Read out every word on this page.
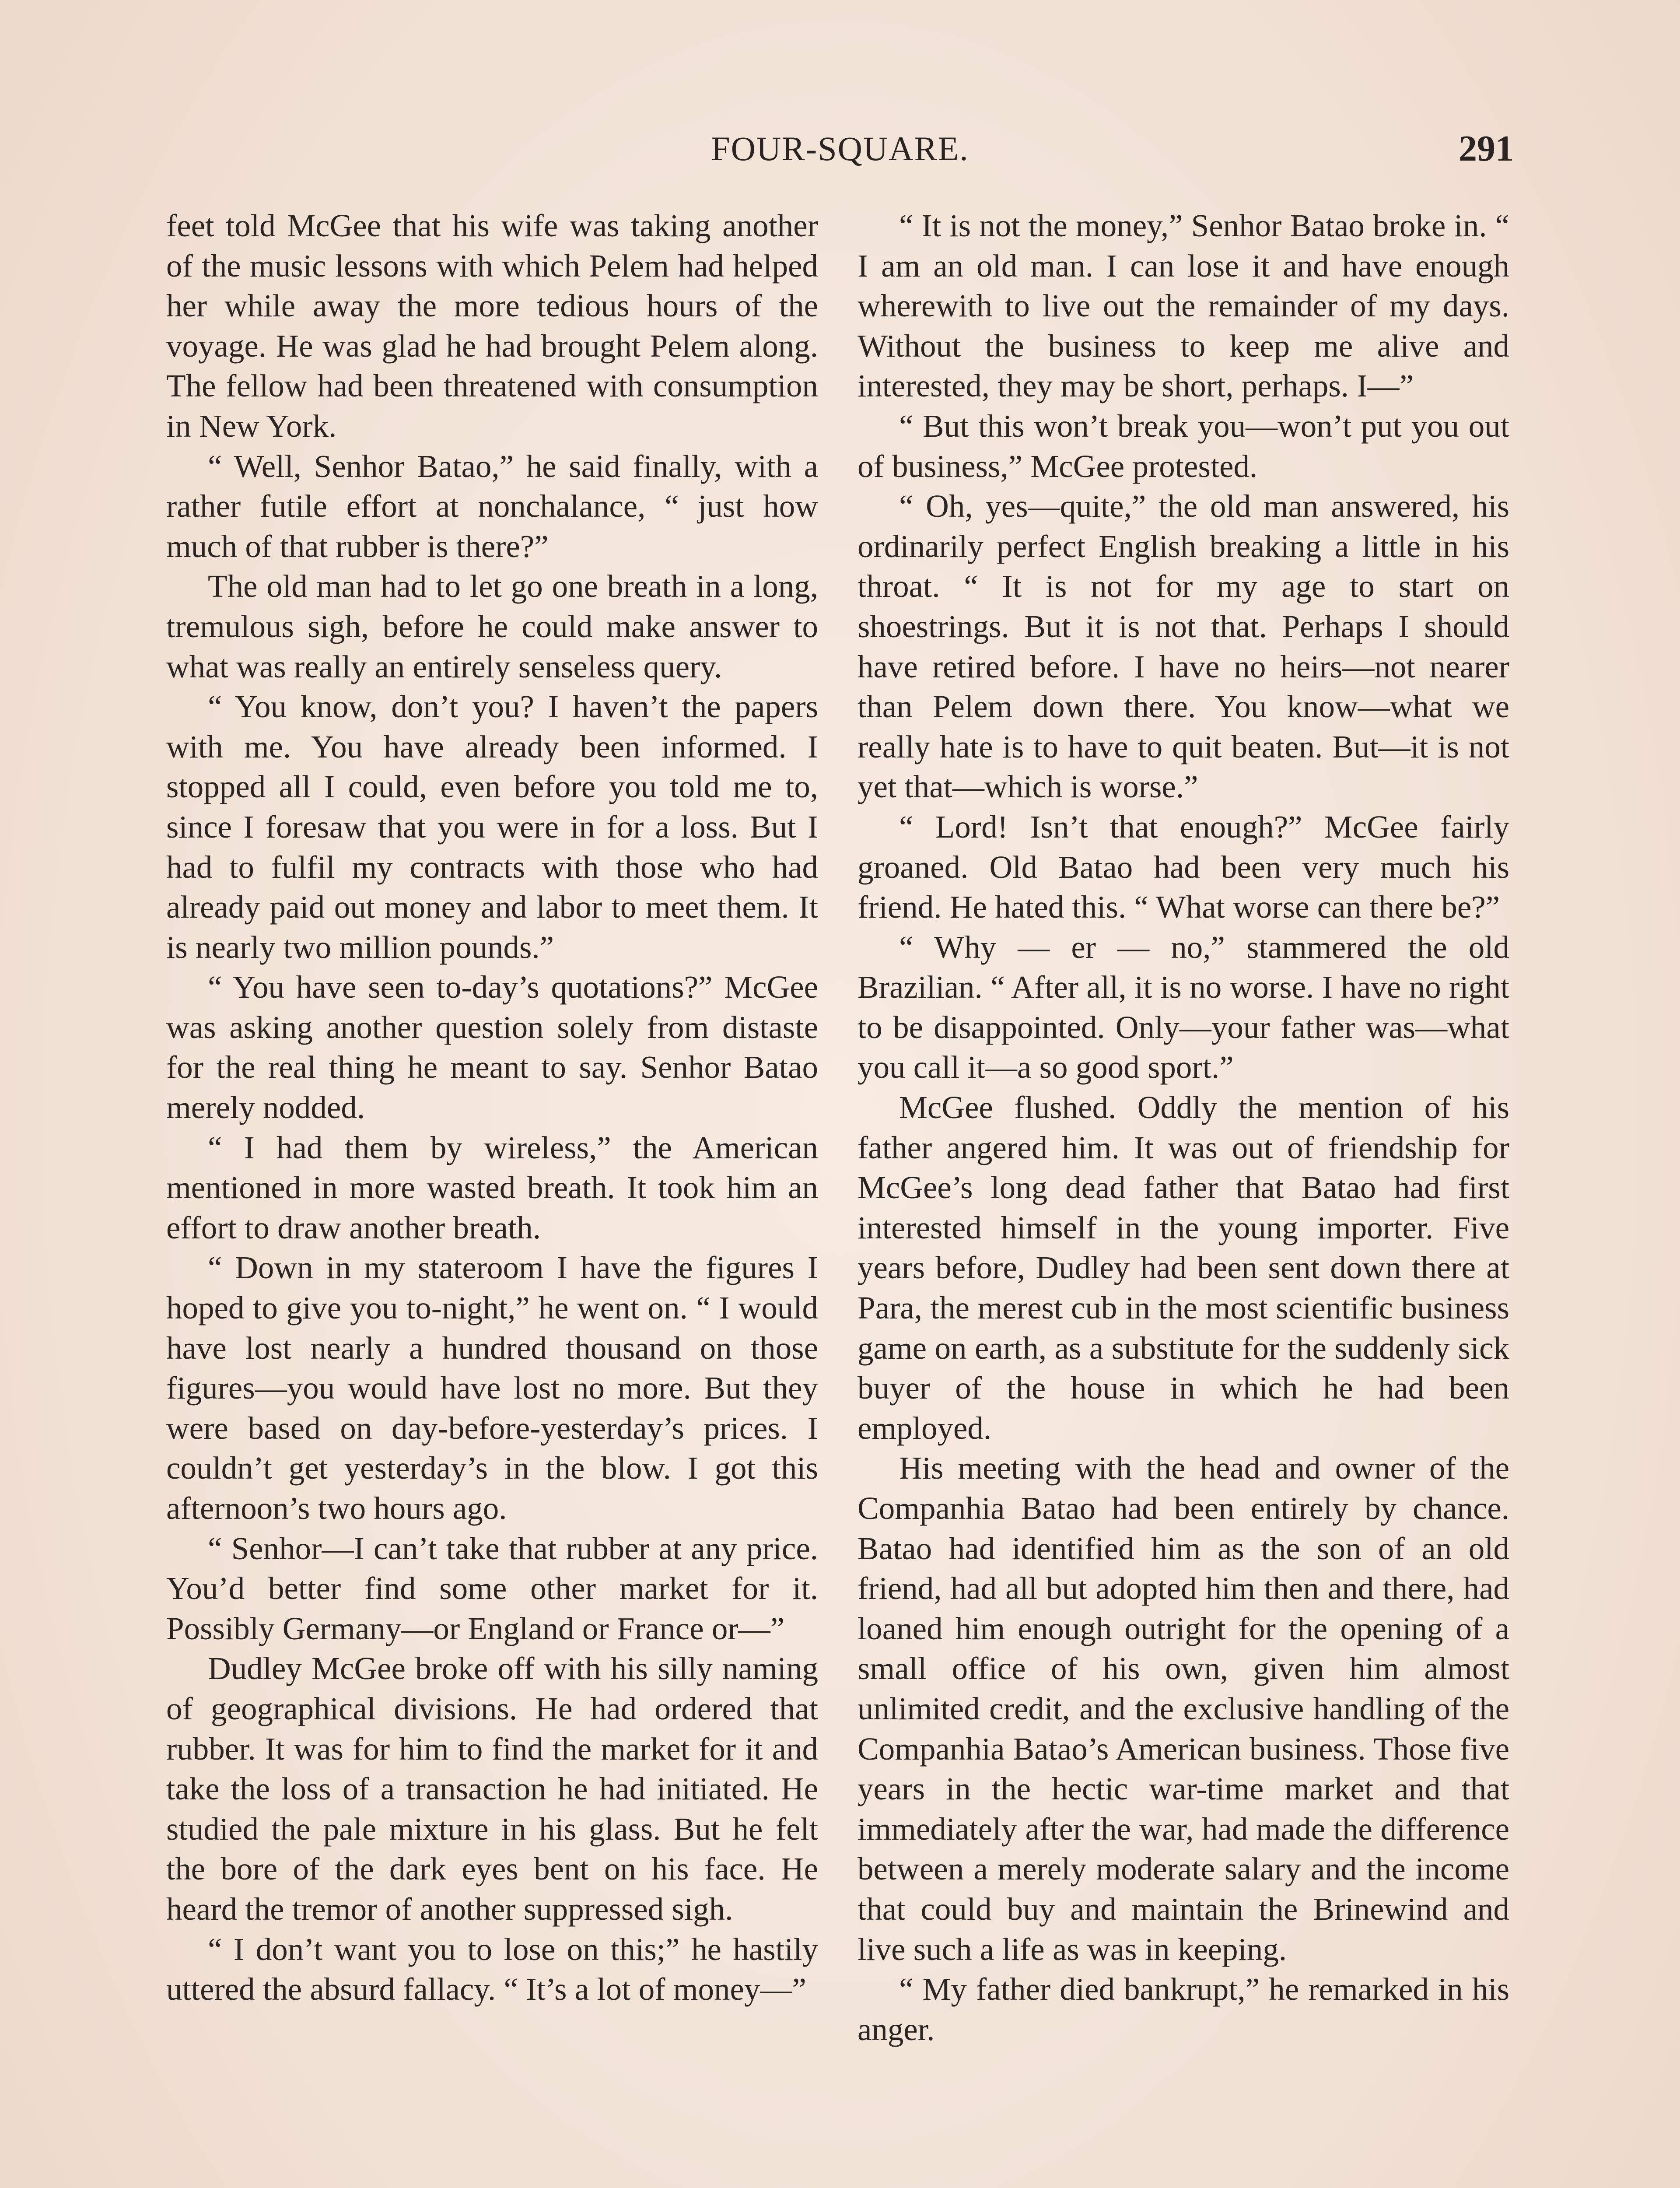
FOUR-SQUARE.	291

feet told McGee that his wife was taking another of the music lessons with which Pelem had helped her while away the more tedious hours of the voyage. He was glad he had brought Pelem along. The fellow had been threatened with consumption in New York.

“ Well, Senhor Batao,” he said finally, with a rather futile effort at nonchalance, “ just how much of that rubber is there?”

The old man had to let go one breath in a long, tremulous sigh, before he could make answer to what was really an entirely senseless query.

“ You know, don’t you? I haven’t the papers with me. You have already been informed. I stopped all I could, even before you told me to, since I foresaw that you were in for a loss. But I had to fulfil my contracts with those who had already paid out money and labor to meet them. It is nearly two million pounds.”

“ You have seen to-day’s quotations?” McGee was asking another question solely from distaste for the real thing he meant to say. Senhor Batao merely nodded.

“ I had them by wireless,” the American mentioned in more wasted breath. It took him an effort to draw another breath.

“ Down in my stateroom I have the figures I hoped to give you to-night,” he went on. “ I would have lost nearly a hundred thousand on those figures—you would have lost no more. But they were based on day-before-yesterday’s prices. I couldn’t get yesterday’s in the blow. I got this afternoon’s two hours ago.

“ Senhor—I can’t take that rubber at any price. You’d better find some other market for it. Possibly Germany—or England or France or—”

Dudley McGee broke off with his silly naming of geographical divisions. He had ordered that rubber. It was for him to find the market for it and take the loss of a transaction he had initiated. He studied the pale mixture in his glass. But he felt the bore of the dark eyes bent on his face. He heard the tremor of another suppressed sigh.

“ I don’t want you to lose on this;” he hastily uttered the absurd fallacy. “ It’s a lot of money—”

“ It is not the money,” Senhor Batao broke in. “ I am an old man. I can lose it and have enough wherewith to live out the remainder of my days. Without the business to keep me alive and interested, they may be short, perhaps. I—”

“ But this won’t break you—won’t put you out of business,” McGee protested.

“ Oh, yes—quite,” the old man answered, his ordinarily perfect English breaking a little in his throat. “ It is not for my age to start on shoestrings. But it is not that. Perhaps I should have retired before. I have no heirs—not nearer than Pelem down there. You know—what we really hate is to have to quit beaten. But—it is not yet that—which is worse.”

“ Lord! Isn’t that enough?” McGee fairly groaned. Old Batao had been very much his friend. He hated this. “ What worse can there be?”

“ Why — er — no,” stammered the old Brazilian. “ After all, it is no worse. I have no right to be disappointed. Only—your father was—what you call it—a so good sport.”

McGee flushed. Oddly the mention of his father angered him. It was out of friendship for McGee’s long dead father that Batao had first interested himself in the young importer. Five years before, Dudley had been sent down there at Para, the merest cub in the most scientific business game on earth, as a substitute for the suddenly sick buyer of the house in which he had been employed.

His meeting with the head and owner of the Companhia Batao had been entirely by chance. Batao had identified him as the son of an old friend, had all but adopted him then and there, had loaned him enough outright for the opening of a small office of his own, given him almost unlimited credit, and the exclusive handling of the Companhia Batao’s American business. Those five years in the hectic war-time market and that immediately after the war, had made the difference between a merely moderate salary and the income that could buy and maintain the Brinewind and live such a life as was in keeping.

“ My father died bankrupt,” he remarked in his anger.
